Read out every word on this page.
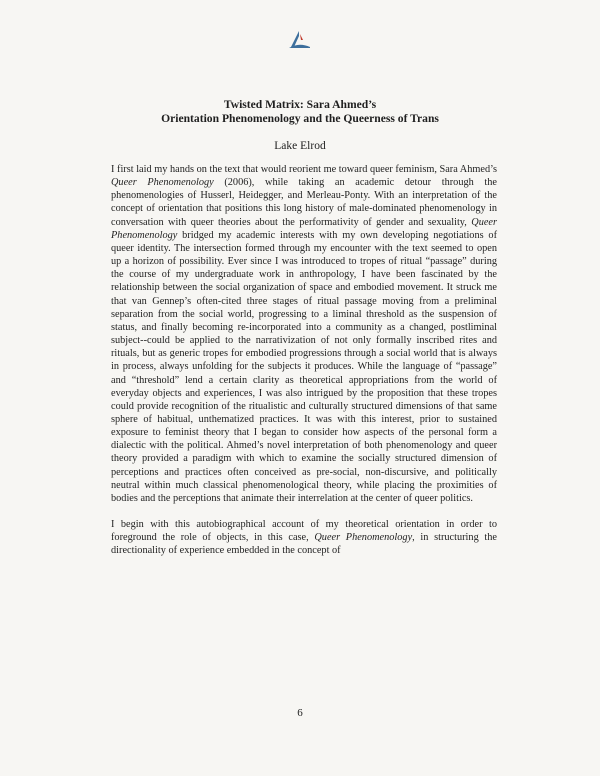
Twisted Matrix: Sara Ahmed’s

Orientation Phenomenology and the Queerness of Trans

Lake Elrod

I first laid my hands on the text that would reorient me toward queer feminism, Sara Ahmed’s Queer Phenomenology (2006), while taking an academic detour through the phenomenologies of Husserl, Heidegger, and Merleau-Ponty. With an interpretation of the concept of orientation that positions this long history of male-dominated phenomenology in conversation with queer theories about the performativity of gender and sexuality, Queer Phenomenology bridged my academic interests with my own developing negotiations of queer identity. The intersection formed through my encounter with the text seemed to open up a horizon of possibility. Ever since I was introduced to tropes of ritual “passage” during the course of my undergraduate work in anthropology, I have been fascinated by the relationship between the social organization of space and embodied movement. It struck me that van Gennep’s often-cited three stages of ritual passage moving from a preliminal separation from the social world, progressing to a liminal threshold as the suspension of status, and finally becoming re-incorporated into a community as a changed, postliminal subject--could be applied to the narrativization of not only formally inscribed rites and rituals, but as generic tropes for embodied progressions through a social world that is always in process, always unfolding for the subjects it produces. While the language of “passage” and “threshold” lend a certain clarity as theoretical appropriations from the world of everyday objects and experiences, I was also intrigued by the proposition that these tropes could provide recognition of the ritualistic and culturally structured dimensions of that same sphere of habitual, unthematized practices. It was with this interest, prior to sustained exposure to feminist theory that I began to consider how aspects of the personal form a dialectic with the political. Ahmed’s novel interpretation of both phenomenology and queer theory provided a paradigm with which to examine the socially structured dimension of perceptions and practices often conceived as pre-social, non-discursive, and politically neutral within much classical phenomenological theory, while placing the proximities of bodies and the perceptions that animate their interrelation at the center of queer politics.

I begin with this autobiographical account of my theoretical orientation in order to foreground the role of objects, in this case, Queer Phenomenology, in structuring the directionality of experience embedded in the concept of

6
